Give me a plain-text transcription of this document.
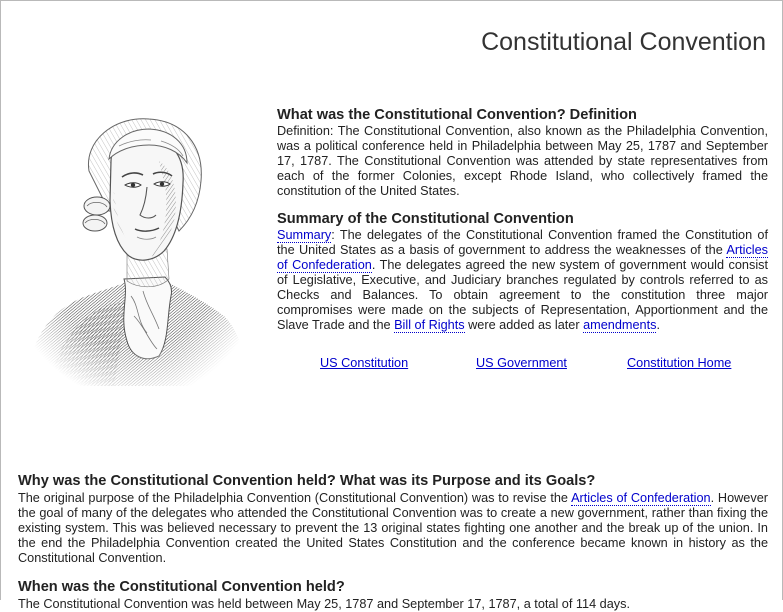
Constitutional Convention
What was the Constitutional Convention? Definition

Definition: The Constitutional Convention, also known as the Philadelphia Convention, was a political conference held in Philadelphia between May 25, 1787 and September 17, 1787. The Constitutional Convention was attended by state representatives from each of the former Colonies, except Rhode Island, who collectively framed the constitution of the United States.

Summary of the Constitutional Convention

Summary: The delegates of the Constitutional Convention framed the Constitution of the United States as a basis of government to address the weaknesses of the Articles of Confederation. The delegates agreed the new system of government would consist of Legislative, Executive, and Judiciary branches regulated by controls referred to as Checks and Balances. To obtain agreement to the constitution three major compromises were made on the subjects of Representation, Apportionment and the Slave Trade and the Bill of Rights were added as later amendments.

US Constitution	US Government	Constitution Home
Why was the Constitutional Convention held? What was its Purpose and its Goals?

The original purpose of the Philadelphia Convention (Constitutional Convention) was to revise the Articles of Confederation. However the goal of many of the delegates who attended the Constitutional Convention was to create a new government, rather than fixing the existing system. This was believed necessary to prevent the 13 original states fighting one another and the break up of the union. In the end the Philadelphia Convention created the United States Constitution and the conference became known in history as the Constitutional Convention.

When was the Constitutional Convention held?

The Constitutional Convention was held between May 25, 1787 and September 17, 1787, a total of 114 days.
